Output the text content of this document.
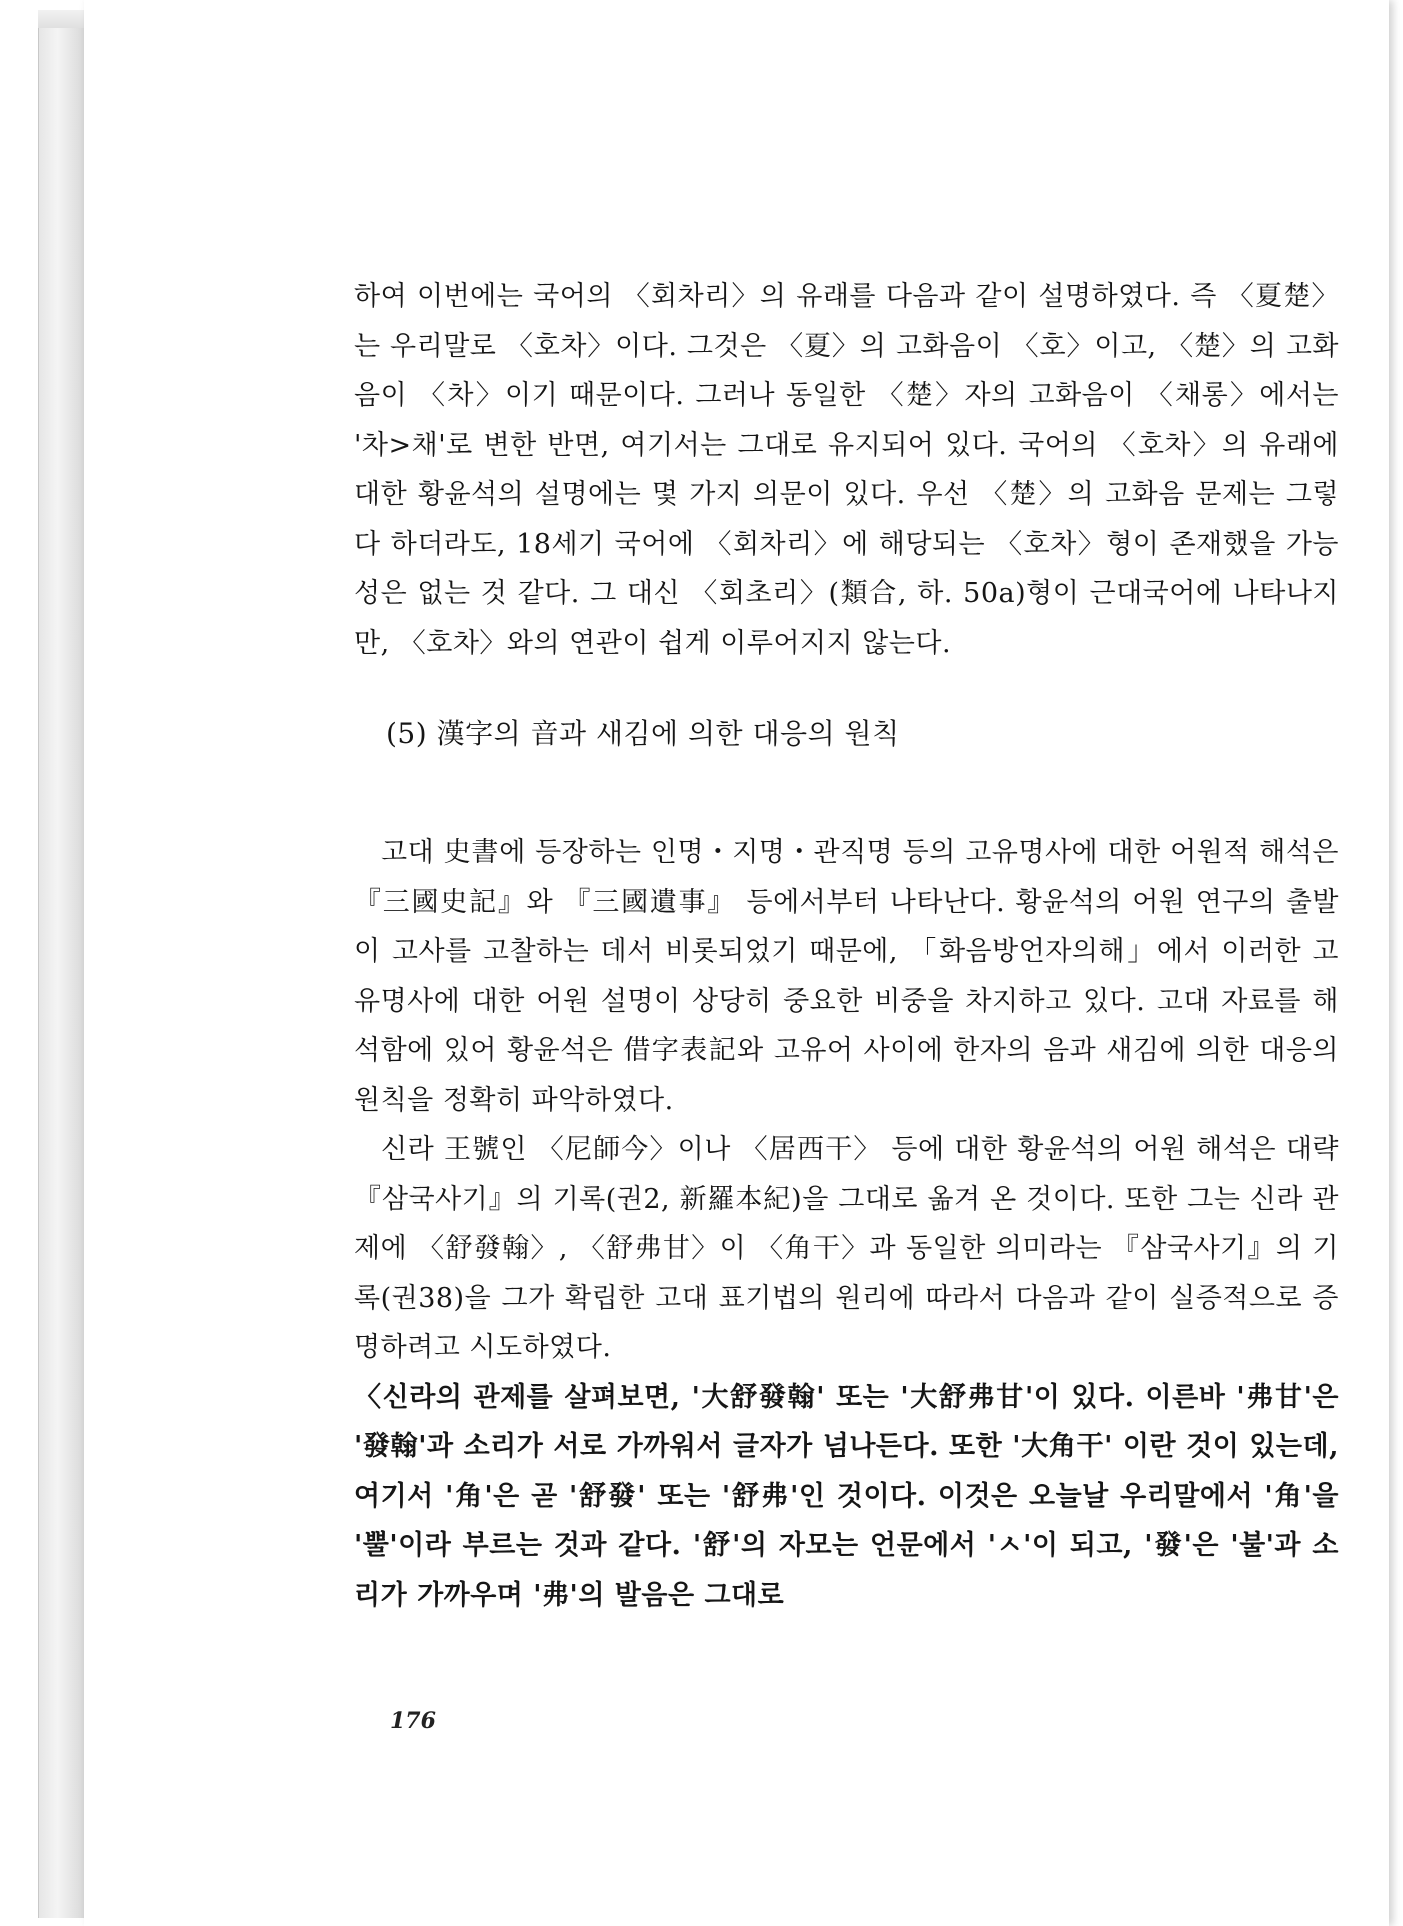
하여 이번에는 국어의 〈회차리〉의 유래를 다음과 같이 설명하였다. 즉 〈夏楚〉는 우리말로 〈호차〉이다. 그것은 〈夏〉의 고화음이 〈호〉이고, 〈楚〉의 고화음이 〈차〉이기 때문이다. 그러나 동일한 〈楚〉자의 고화음이 〈채롱〉에서는 '차>채'로 변한 반면, 여기서는 그대로 유지되어 있다. 국어의 〈호차〉의 유래에 대한 황윤석의 설명에는 몇 가지 의문이 있다. 우선 〈楚〉의 고화음 문제는 그렇다 하더라도, 18세기 국어에 〈회차리〉에 해당되는 〈호차〉형이 존재했을 가능성은 없는 것 같다. 그 대신 〈회초리〉(類合, 하. 50a)형이 근대국어에 나타나지만, 〈호차〉와의 연관이 쉽게 이루어지지 않는다.

(5) 漢字의 音과 새김에 의한 대응의 원칙

고대 史書에 등장하는 인명・지명・관직명 등의 고유명사에 대한 어원적 해석은 『三國史記』와 『三國遺事』 등에서부터 나타난다. 황윤석의 어원 연구의 출발이 고사를 고찰하는 데서 비롯되었기 때문에, 「화음방언자의해」에서 이러한 고유명사에 대한 어원 설명이 상당히 중요한 비중을 차지하고 있다. 고대 자료를 해석함에 있어 황윤석은 借字表記와 고유어 사이에 한자의 음과 새김에 의한 대응의 원칙을 정확히 파악하였다.

신라 王號인 〈尼師今〉이나 〈居西干〉 등에 대한 황윤석의 어원 해석은 대략 『삼국사기』의 기록(권2, 新羅本紀)을 그대로 옮겨 온 것이다. 또한 그는 신라 관제에 〈舒發翰〉, 〈舒弗甘〉이 〈角干〉과 동일한 의미라는 『삼국사기』의 기록(권38)을 그가 확립한 고대 표기법의 원리에 따라서 다음과 같이 실증적으로 증명하려고 시도하였다.

〈신라의 관제를 살펴보면, '大舒發翰' 또는 '大舒弗甘'이 있다. 이른바 '弗甘'은 '發翰'과 소리가 서로 가까워서 글자가 넘나든다. 또한 '大角干' 이란 것이 있는데, 여기서 '角'은 곧 '舒發' 또는 '舒弗'인 것이다. 이것은 오늘날 우리말에서 '角'을 '뿔'이라 부르는 것과 같다. '舒'의 자모는 언문에서 'ㅅ'이 되고, '發'은 '불'과 소리가 가까우며 '弗'의 발음은 그대로

176
